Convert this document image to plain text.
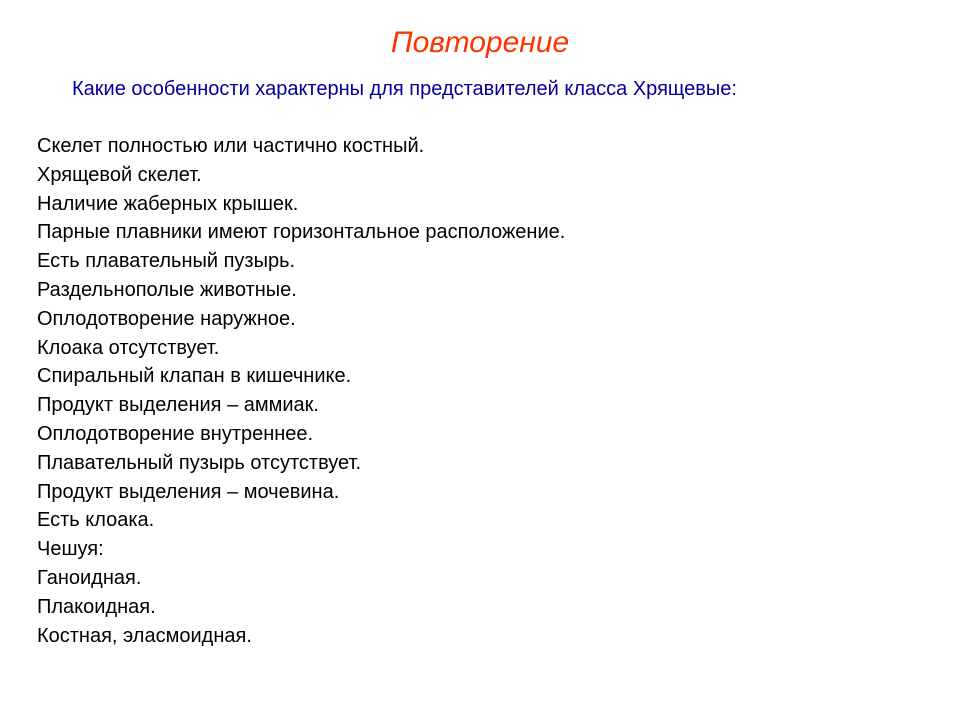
Повторение

Какие особенности характерны для представителей класса Хрящевые:

Скелет полностью или частично костный.
Хрящевой скелет.
Наличие жаберных крышек.
Парные плавники имеют горизонтальное расположение.
Есть плавательный пузырь.
Раздельнополые животные.
Оплодотворение наружное.
Клоака отсутствует.
Спиральный клапан в кишечнике.
Продукт выделения – аммиак.
Оплодотворение внутреннее.
Плавательный пузырь отсутствует.
Продукт выделения – мочевина.
Есть клоака.
Чешуя:
Ганоидная.
Плакоидная.
Костная, эласмоидная.
